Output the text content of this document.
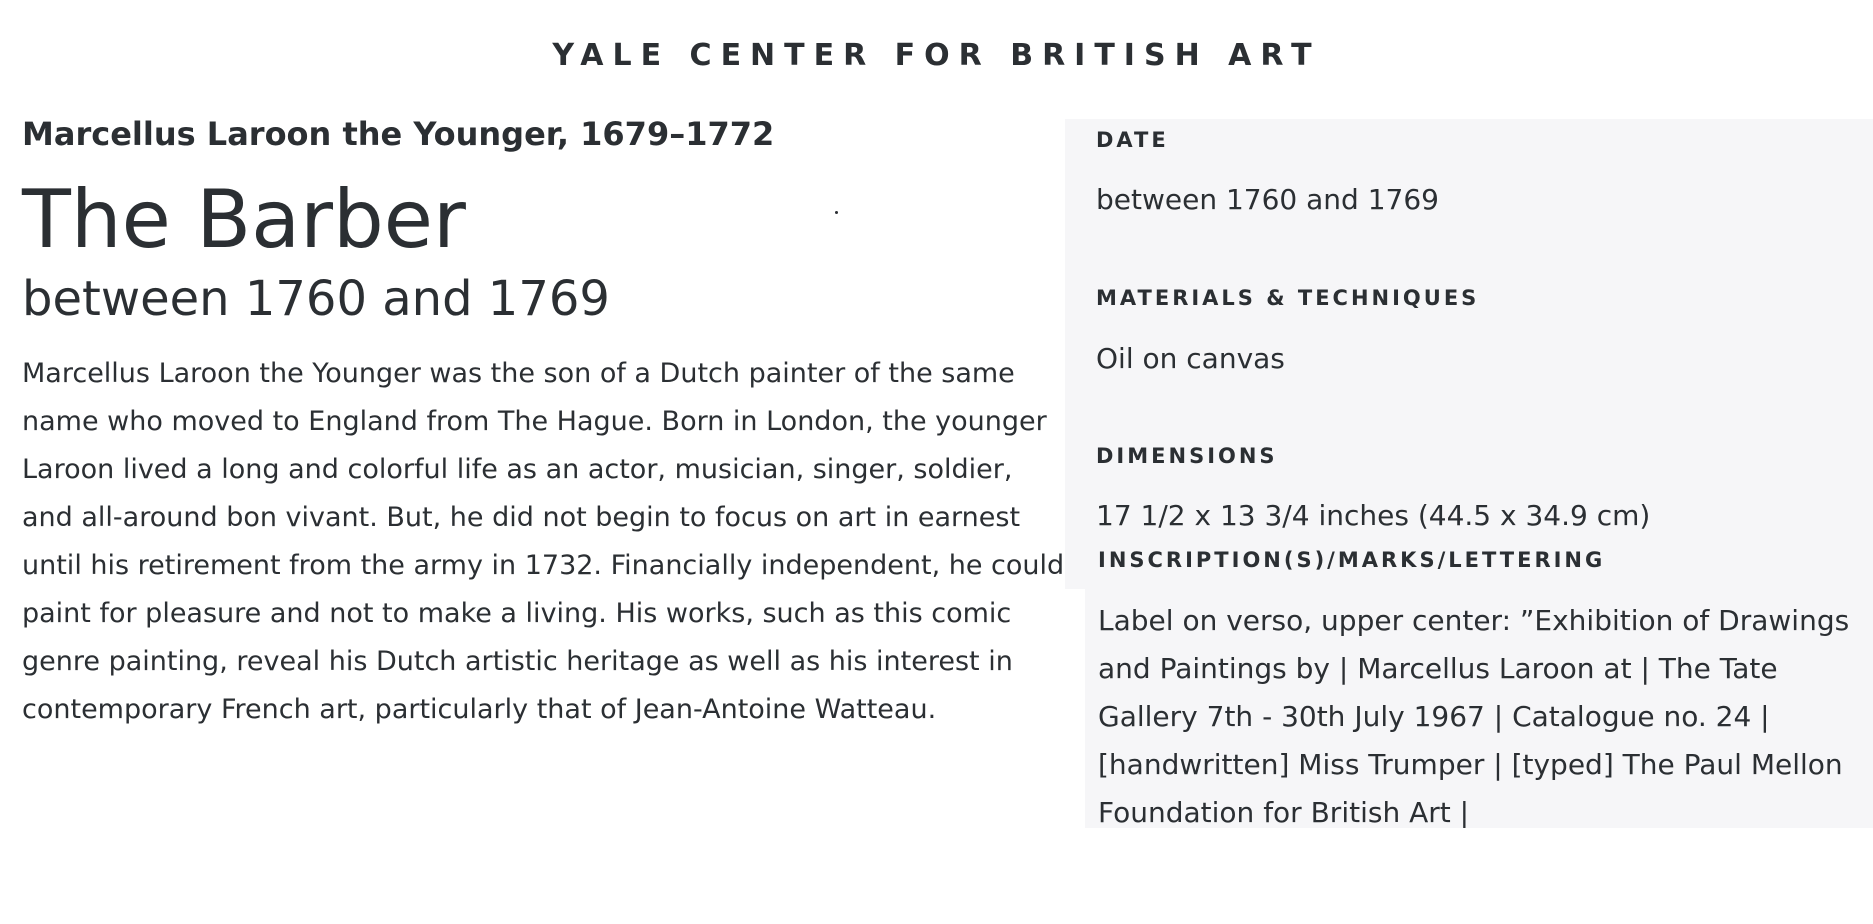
YALE CENTER FOR BRITISH ART
Marcellus Laroon the Younger, 1679–1772
The Barber
between 1760 and 1769

Marcellus Laroon the Younger was the son of a Dutch painter of the same name who moved to England from The Hague. Born in London, the younger Laroon lived a long and colorful life as an actor, musician, singer, soldier, and all-around bon vivant. But, he did not begin to focus on art in earnest until his retirement from the army in 1732. Financially independent, he could paint for pleasure and not to make a living. His works, such as this comic genre painting, reveal his Dutch artistic heritage as well as his interest in contemporary French art, particularly that of Jean-Antoine Watteau.

DATE
between 1760 and 1769
MATERIALS & TECHNIQUES
Oil on canvas
DIMENSIONS
17 1/2 x 13 3/4 inches (44.5 x 34.9 cm)
INSCRIPTION(S)/MARKS/LETTERING
Label on verso, upper center: ”Exhibition of Drawings and Paintings by | Marcellus Laroon at | The Tate Gallery 7th - 30th July 1967 | Catalogue no. 24 | [handwritten] Miss Trumper | [typed] The Paul Mellon Foundation for British Art |
